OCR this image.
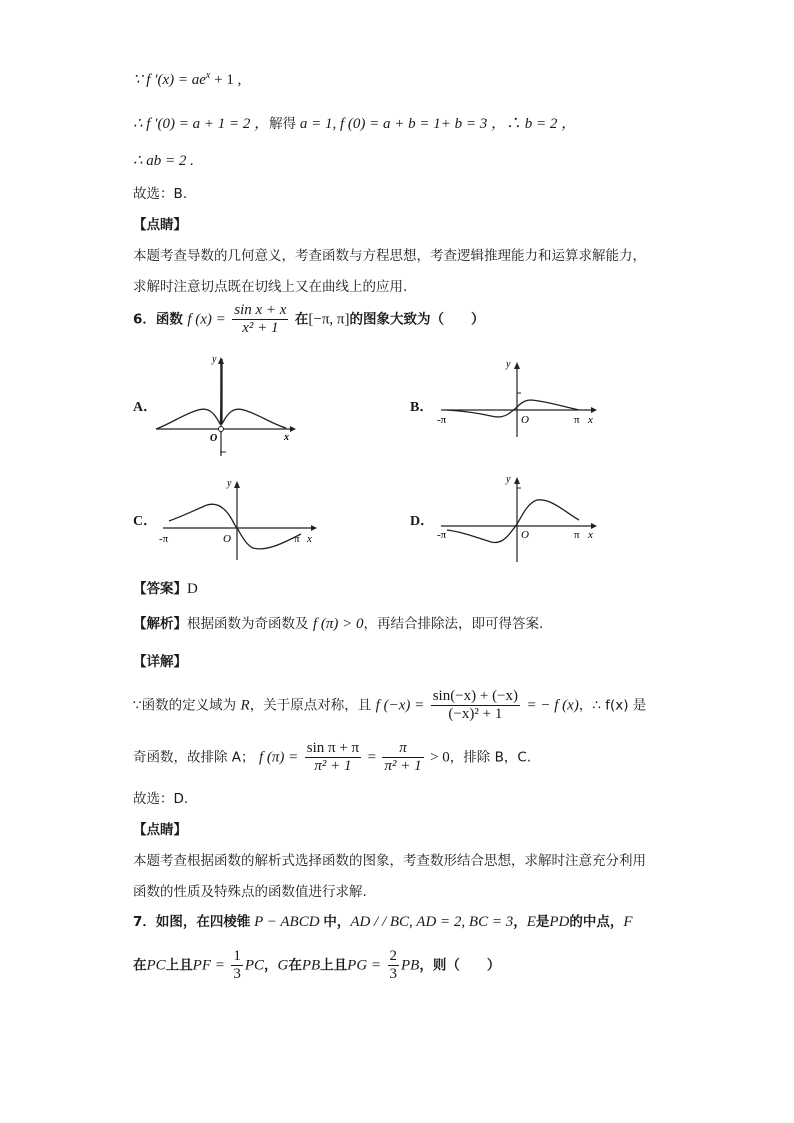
∵ f $'(x) = ae^x + 1$ ,
∴ f ′(0) = a + 1 = 2 ，解得 a = 1, f (0) = a + b = 1+ b = 3 ，∴ b = 2 ，
∴ ab = 2 .
故选：B.
【点睛】
本题考查导数的几何意义，考查函数与方程思想，考查逻辑推理能力和运算求解能力，
求解时注意切点既在切线上又在曲线上的应用.
6．函数 f $(x) = \frac{\text{sin x + x}}{\text{x² + 1}}$ 在[−π, π]的图象大致为（　　）
A．	B．
C．	D．
y
O	x
y
O
-π	π x
y
O
-π	π x
y
O
-π	π x
【答案】D
【解析】根据函数为奇函数及 f (π) > 0，再结合排除法，即可得答案.
【详解】
∵函数的定义域为 R，关于原点对称，且 f $(-x) = \frac{\sin(-x) + (-x)}{\text{(−x)² + 1}}$ = − f (x)，∴ f(x) 是
奇函数，故排除 A； f $(\pi) = \frac{\text{sin π + π}}{\text{π² + 1}} = \frac{\pi}{\text{π² + 1}} > 0$，排除 B，C.
故选：D.
【点睛】
本题考查根据函数的解析式选择函数的图象，考查数形结合思想，求解时注意充分利用
函数的性质及特殊点的函数值进行求解.
7．如图，在四棱锥 P − ABCD 中，AD / / BC, AD = 2, BC = 3，E是PD的中点，F
在PC上且PF = $\frac{1}{3}$ PC，G在PB上且PG = $\frac{2}{3}$ PB，则（　　）
